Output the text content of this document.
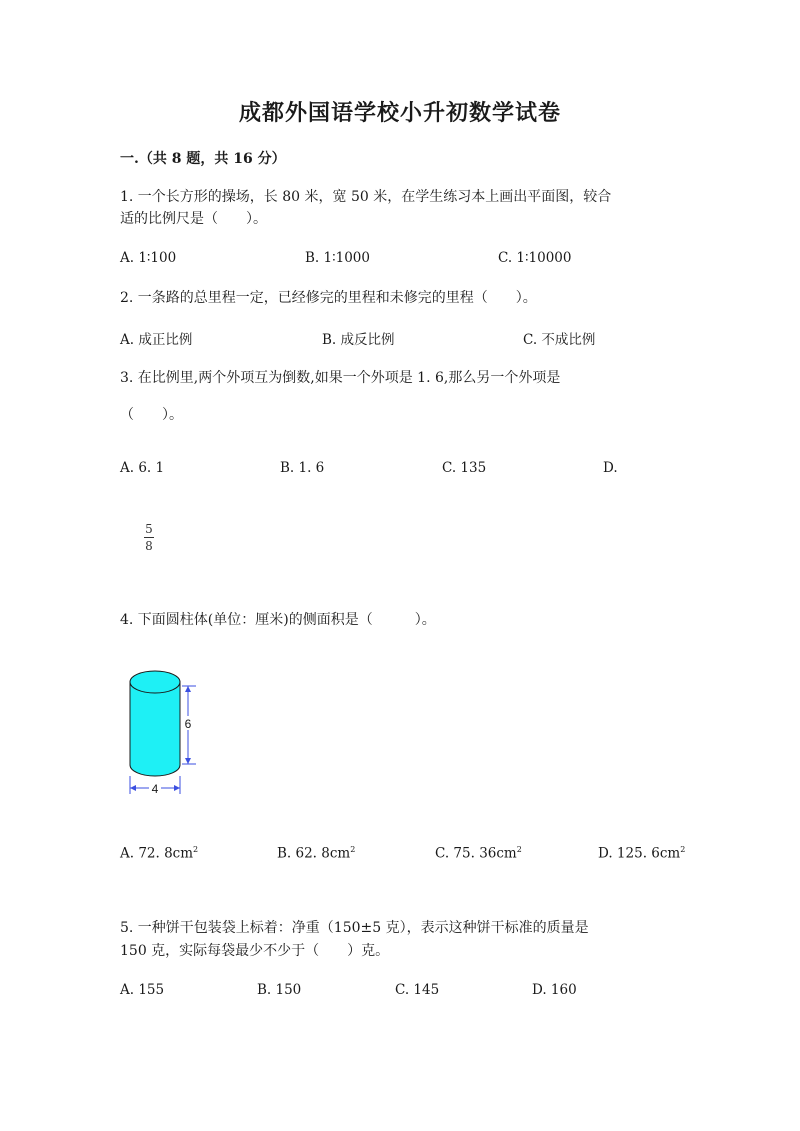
成都外国语学校小升初数学试卷
一.（共 8 题，共 16 分）
1. 一个长方形的操场，长 80 米，宽 50 米，在学生练习本上画出平面图，较合
适的比例尺是（　　）。
A. 1∶100	B. 1∶1000	C. 1∶10000
2. 一条路的总里程一定，已经修完的里程和未修完的里程（　　）。
A. 成正比例	B. 成反比例	C. 不成比例
3. 在比例里,两个外项互为倒数,如果一个外项是 1. 6,那么另一个外项是
（　　）。
A. 6. 1	B. 1. 6	C. 135	D.
5
8
4. 下面圆柱体(单位：厘米)的侧面积是（　　　）。
6
4
A. 72. $8cm^2$	B. 62. $8cm^2$	C. 75. $36cm^2$	D. 125. $6cm^2$
5. 一种饼干包装袋上标着：净重（150±5 克），表示这种饼干标准的质量是
150 克，实际每袋最少不少于（　　）克。
A. 155	B. 150	C. 145	D. 160
